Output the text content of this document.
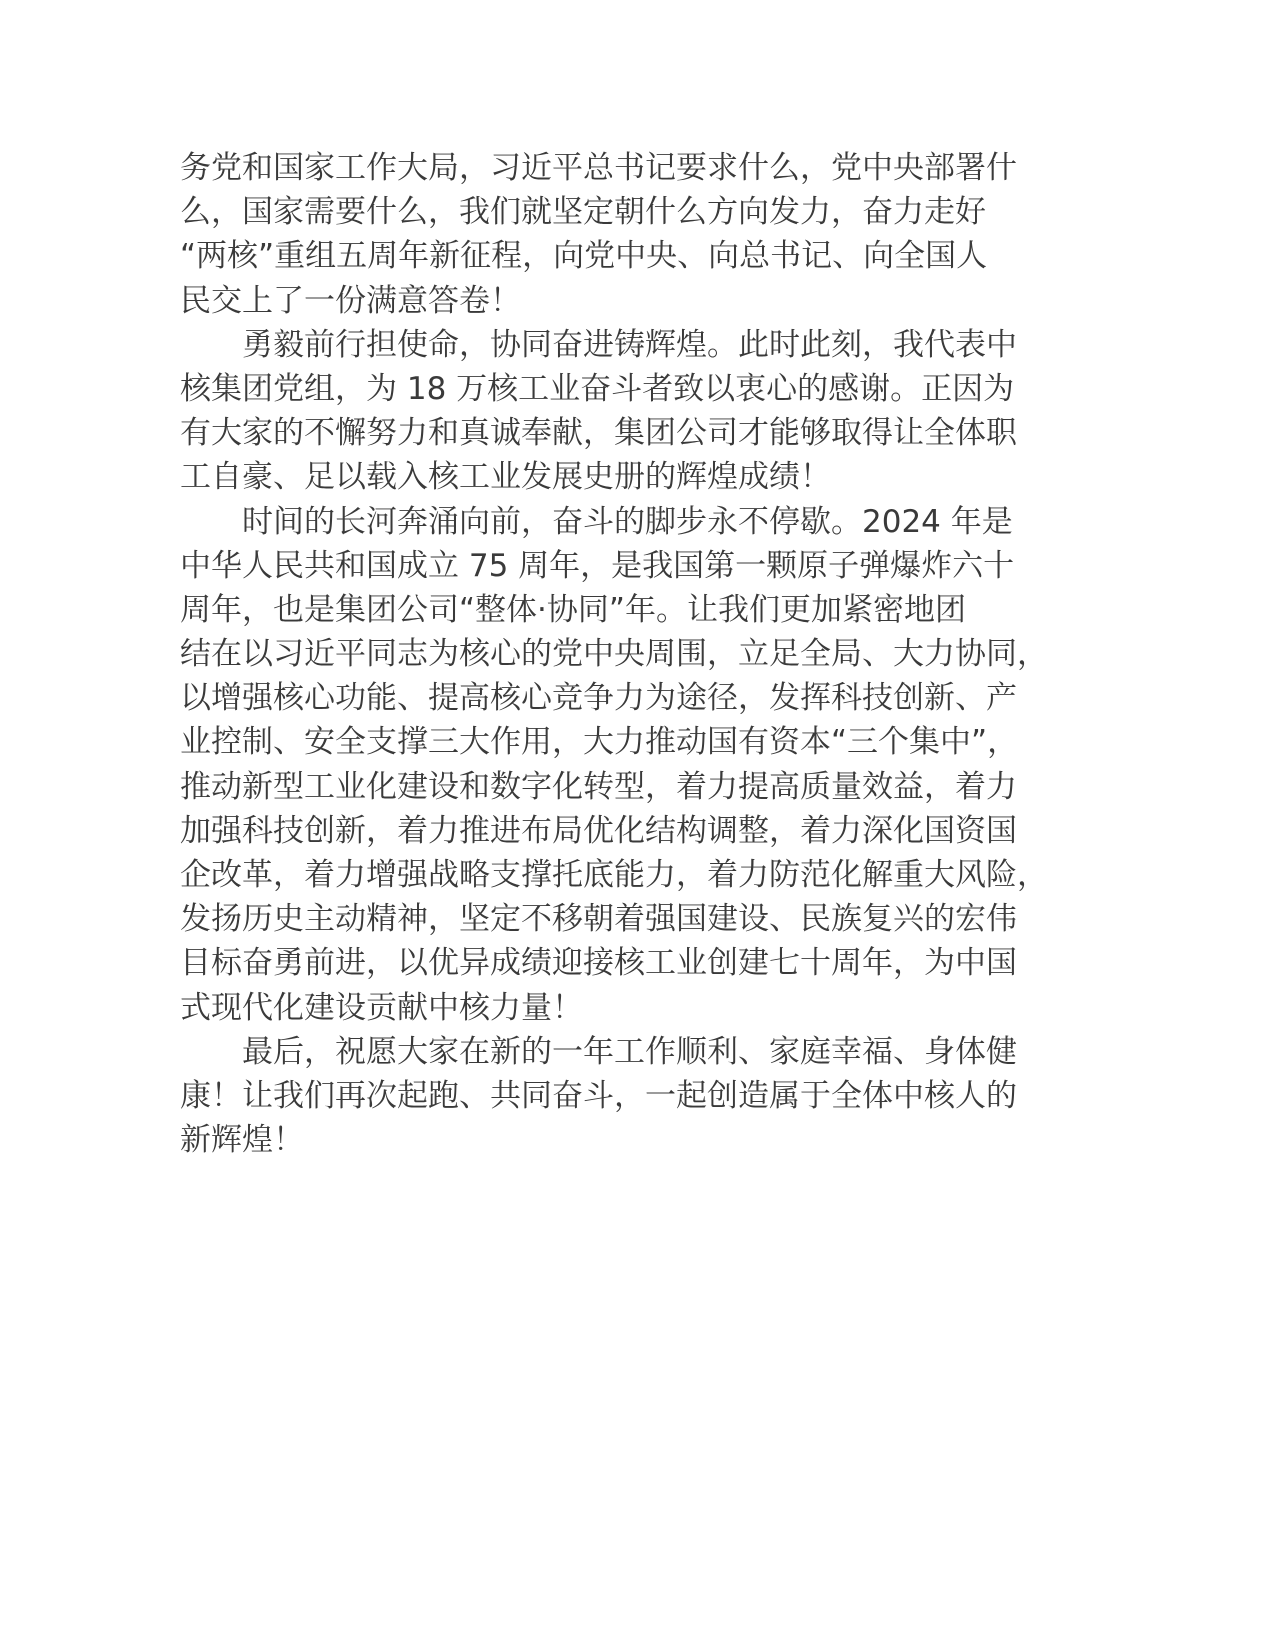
务党和国家工作大局，习近平总书记要求什么，党中央部署什
么，国家需要什么，我们就坚定朝什么方向发力，奋力走好
“两核”重组五周年新征程，向党中央、向总书记、向全国人
民交上了一份满意答卷！
　　勇毅前行担使命，协同奋进铸辉煌。此时此刻，我代表中
核集团党组，为 18 万核工业奋斗者致以衷心的感谢。正因为
有大家的不懈努力和真诚奉献，集团公司才能够取得让全体职
工自豪、足以载入核工业发展史册的辉煌成绩！
　　时间的长河奔涌向前，奋斗的脚步永不停歇。2024 年是
中华人民共和国成立 75 周年，是我国第一颗原子弹爆炸六十
周年，也是集团公司“整体·协同”年。让我们更加紧密地团
结在以习近平同志为核心的党中央周围，立足全局、大力协同，
以增强核心功能、提高核心竞争力为途径，发挥科技创新、产
业控制、安全支撑三大作用，大力推动国有资本“三个集中”，
推动新型工业化建设和数字化转型，着力提高质量效益，着力
加强科技创新，着力推进布局优化结构调整，着力深化国资国
企改革，着力增强战略支撑托底能力，着力防范化解重大风险，
发扬历史主动精神，坚定不移朝着强国建设、民族复兴的宏伟
目标奋勇前进，以优异成绩迎接核工业创建七十周年，为中国
式现代化建设贡献中核力量！
　　最后，祝愿大家在新的一年工作顺利、家庭幸福、身体健
康！让我们再次起跑、共同奋斗，一起创造属于全体中核人的
新辉煌！
